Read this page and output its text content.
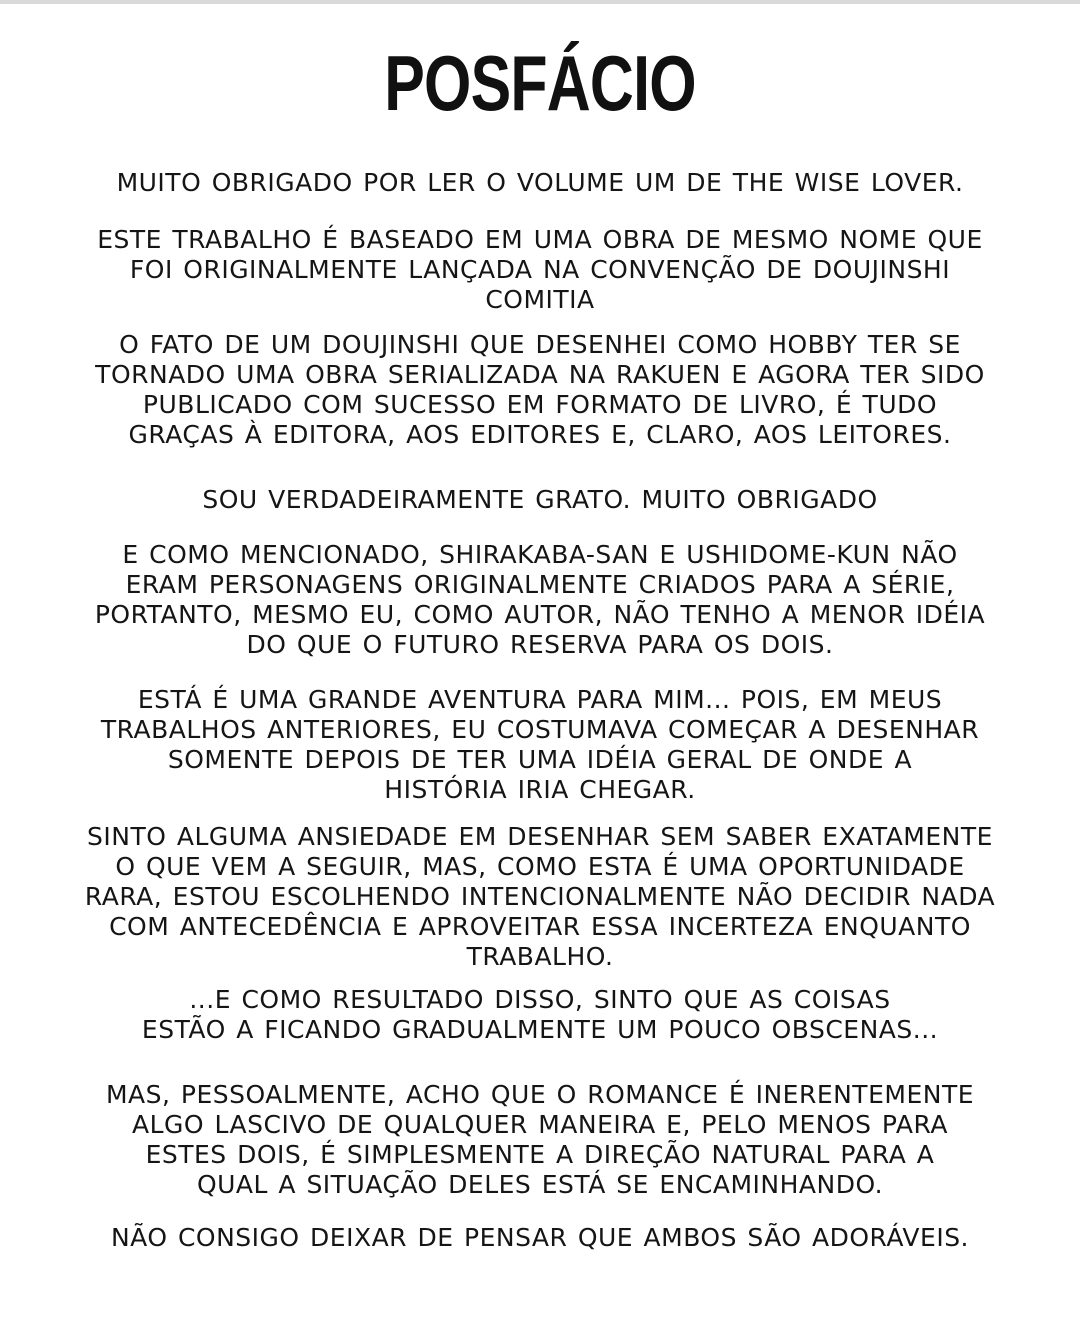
POSFÁCIO
MUITO OBRIGADO POR LER O VOLUME UM DE THE WISE LOVER.
ESTE TRABALHO É BASEADO EM UMA OBRA DE MESMO NOME QUE
FOI ORIGINALMENTE LANÇADA NA CONVENÇÃO DE DOUJINSHI
COMITIA
O FATO DE UM DOUJINSHI QUE DESENHEI COMO HOBBY TER SE
TORNADO UMA OBRA SERIALIZADA NA RAKUEN E AGORA TER SIDO
PUBLICADO COM SUCESSO EM FORMATO DE LIVRO, É TUDO
GRAÇAS À EDITORA, AOS EDITORES E, CLARO, AOS LEITORES.
SOU VERDADEIRAMENTE GRATO. MUITO OBRIGADO
E COMO MENCIONADO, SHIRAKABA-SAN E USHIDOME-KUN NÃO
ERAM PERSONAGENS ORIGINALMENTE CRIADOS PARA A SÉRIE,
PORTANTO, MESMO EU, COMO AUTOR, NÃO TENHO A MENOR IDÉIA
DO QUE O FUTURO RESERVA PARA OS DOIS.
ESTÁ É UMA GRANDE AVENTURA PARA MIM... POIS, EM MEUS
TRABALHOS ANTERIORES, EU COSTUMAVA COMEÇAR A DESENHAR
SOMENTE DEPOIS DE TER UMA IDÉIA GERAL DE ONDE A
HISTÓRIA IRIA CHEGAR.
SINTO ALGUMA ANSIEDADE EM DESENHAR SEM SABER EXATAMENTE
O QUE VEM A SEGUIR, MAS, COMO ESTA É UMA OPORTUNIDADE
RARA, ESTOU ESCOLHENDO INTENCIONALMENTE NÃO DECIDIR NADA
COM ANTECEDÊNCIA E APROVEITAR ESSA INCERTEZA ENQUANTO
TRABALHO.
...E COMO RESULTADO DISSO, SINTO QUE AS COISAS
ESTÃO A FICANDO GRADUALMENTE UM POUCO OBSCENAS...
MAS, PESSOALMENTE, ACHO QUE O ROMANCE É INERENTEMENTE
ALGO LASCIVO DE QUALQUER MANEIRA E, PELO MENOS PARA
ESTES DOIS, É SIMPLESMENTE A DIREÇÃO NATURAL PARA A
QUAL A SITUAÇÃO DELES ESTÁ SE ENCAMINHANDO.
NÃO CONSIGO DEIXAR DE PENSAR QUE AMBOS SÃO ADORÁVEIS.
